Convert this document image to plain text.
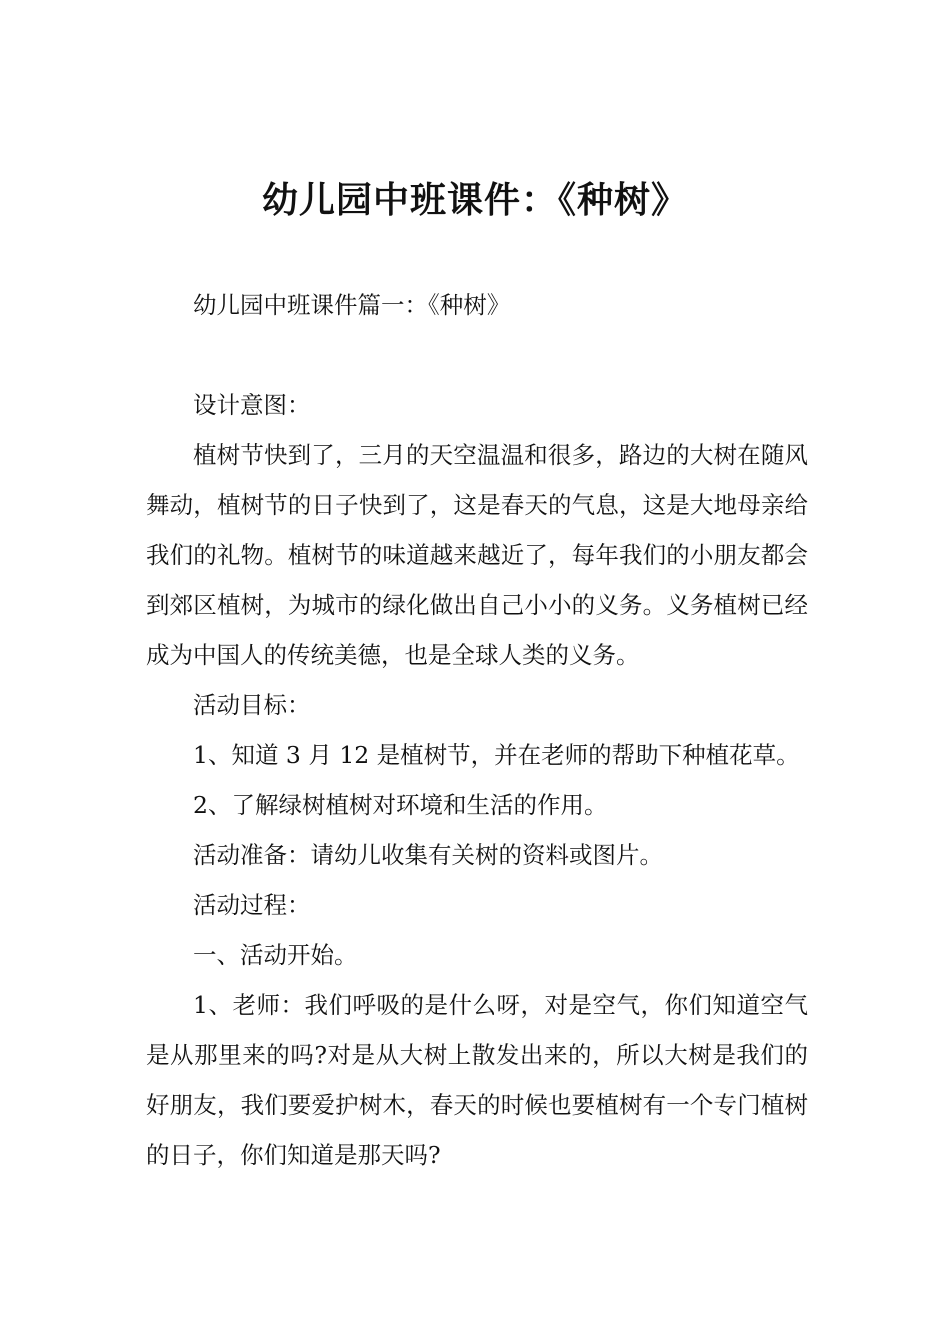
幼儿园中班课件：《种树》

幼儿园中班课件篇一：《种树》

设计意图：

植树节快到了，三月的天空温温和很多，路边的大树在随风舞动，植树节的日子快到了，这是春天的气息，这是大地母亲给我们的礼物。植树节的味道越来越近了，每年我们的小朋友都会到郊区植树，为城市的绿化做出自己小小的义务。义务植树已经成为中国人的传统美德，也是全球人类的义务。

活动目标：

1、知道 3 月 12 是植树节，并在老师的帮助下种植花草。

2、了解绿树植树对环境和生活的作用。

活动准备：请幼儿收集有关树的资料或图片。

活动过程：

一、活动开始。

1、老师：我们呼吸的是什么呀，对是空气，你们知道空气是从那里来的吗?对是从大树上散发出来的，所以大树是我们的好朋友，我们要爱护树木，春天的时候也要植树有一个专门植树的日子，你们知道是那天吗?
